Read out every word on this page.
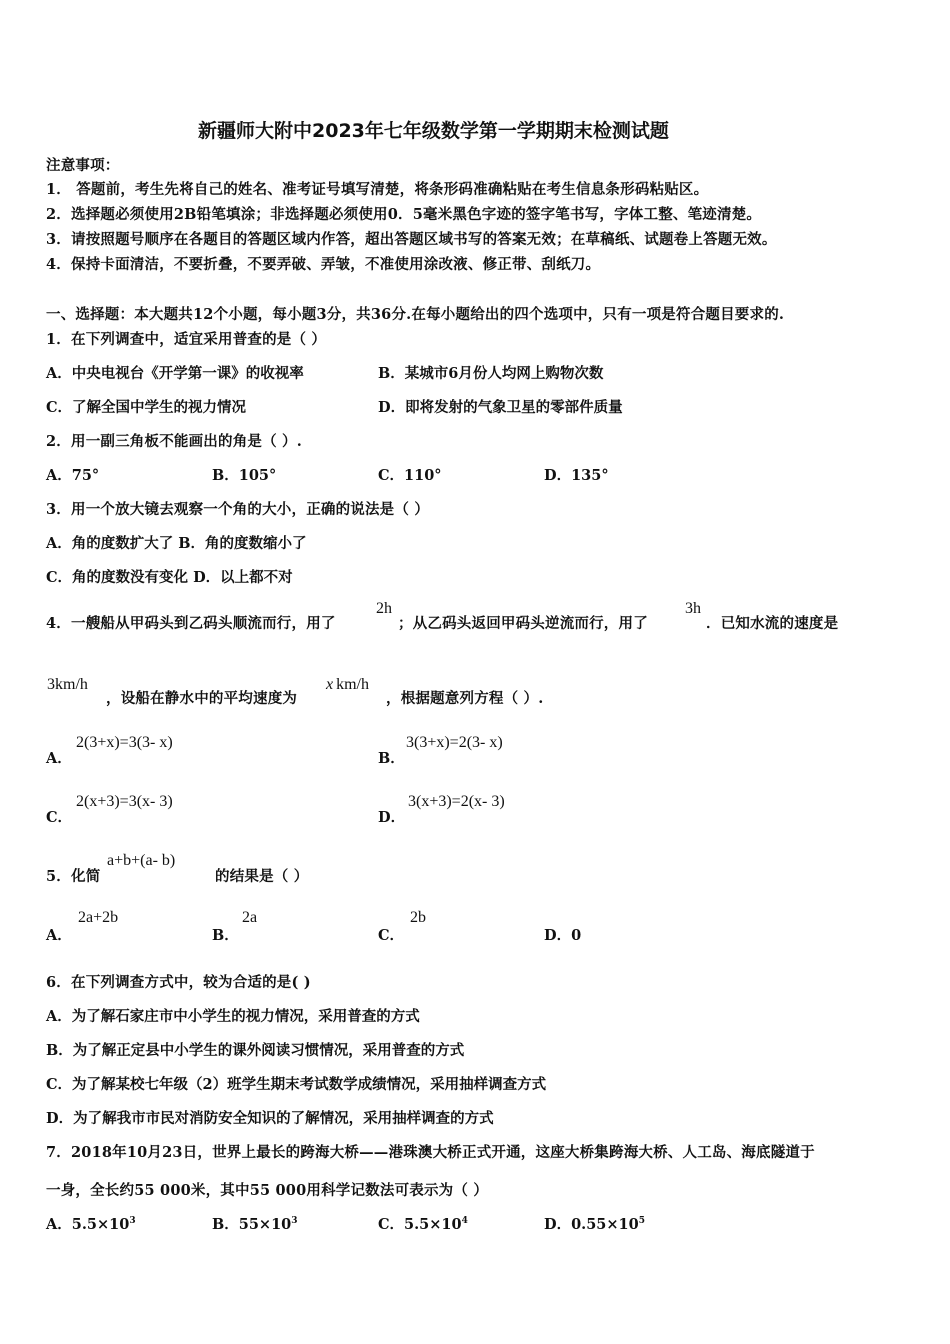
新疆师大附中2023年七年级数学第一学期期末检测试题
注意事项：
1． 答题前，考生先将自己的姓名、准考证号填写清楚，将条形码准确粘贴在考生信息条形码粘贴区。
2．选择题必须使用2B铅笔填涂；非选择题必须使用0．5毫米黑色字迹的签字笔书写，字体工整、笔迹清楚。
3．请按照题号顺序在各题目的答题区域内作答，超出答题区域书写的答案无效；在草稿纸、试题卷上答题无效。
4．保持卡面清洁，不要折叠，不要弄破、弄皱，不准使用涂改液、修正带、刮纸刀。
一、选择题：本大题共12个小题，每小题3分，共36分.在每小题给出的四个选项中，只有一项是符合题目要求的.
1．在下列调查中，适宜采用普查的是（ ）
A．中央电视台《开学第一课》的收视率	B．某城市6月份人均网上购物次数
C．了解全国中学生的视力情况	D．即将发射的气象卫星的零部件质量
2．用一副三角板不能画出的角是（ ）.
A．75°	B．105°	C．110°	D．135°
3．用一个放大镜去观察一个角的大小，正确的说法是（ ）
A．角的度数扩大了 B．角的度数缩小了
C．角的度数没有变化 D．以上都不对
4．一艘船从甲码头到乙码头顺流而行，用了
2h
；从乙码头返回甲码头逆流而行，用了
3h
．已知水流的速度是
3km/h
，设船在静水中的平均速度为
x km/h
，根据题意列方程（ ）.
A．
2(3+x)=3(3- x)
B．
3(3+x)=2(3- x)
C．
2(x+3)=3(x- 3)
D．
3(x+3)=2(x- 3)
5．化简
a+b+(a- b)
的结果是（ ）
A．
2a+2b
B．
2a
C．
2b
D．0
6．在下列调查方式中，较为合适的是( )
A．为了解石家庄市中小学生的视力情况，采用普查的方式
B．为了解正定县中小学生的课外阅读习惯情况，采用普查的方式
C．为了解某校七年级（2）班学生期末考试数学成绩情况，采用抽样调查方式
D．为了解我市市民对消防安全知识的了解情况，采用抽样调查的方式
7．2018年10月23日，世界上最长的跨海大桥——港珠澳大桥正式开通，这座大桥集跨海大桥、人工岛、海底隧道于
一身，全长约55 000米，其中55 000用科学记数法可表示为（ ）
A．$5.5\times 10^3$	B．$55\times 10^3$	C．$5.5\times 10^4$	D．$0.55\times 10^5$
